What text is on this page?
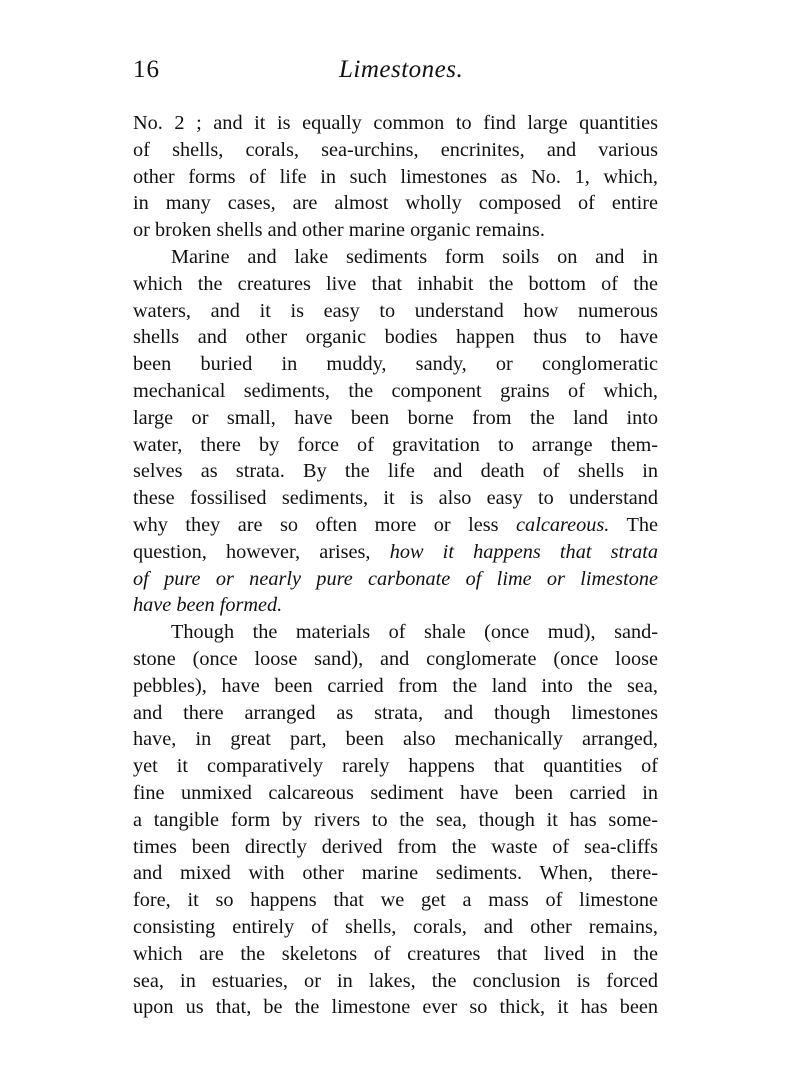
16	Limestones.
No. 2 ; and it is equally common to find large quantities
of shells, corals, sea-urchins, encrinites, and various
other forms of life in such limestones as No. 1, which,
in many cases, are almost wholly composed of entire
or broken shells and other marine organic remains.
Marine and lake sediments form soils on and in
which the creatures live that inhabit the bottom of the
waters, and it is easy to understand how numerous
shells and other organic bodies happen thus to have
been buried in muddy, sandy, or conglomeratic
mechanical sediments, the component grains of which,
large or small, have been borne from the land into
water, there by force of gravitation to arrange them-
selves as strata. By the life and death of shells in
these fossilised sediments, it is also easy to understand
why they are so often more or less calcareous. The
question, however, arises, how it happens that strata
of pure or nearly pure carbonate of lime or limestone
have been formed.
Though the materials of shale (once mud), sand-
stone (once loose sand), and conglomerate (once loose
pebbles), have been carried from the land into the sea,
and there arranged as strata, and though limestones
have, in great part, been also mechanically arranged,
yet it comparatively rarely happens that quantities of
fine unmixed calcareous sediment have been carried in
a tangible form by rivers to the sea, though it has some-
times been directly derived from the waste of sea-cliffs
and mixed with other marine sediments. When, there-
fore, it so happens that we get a mass of limestone
consisting entirely of shells, corals, and other remains,
which are the skeletons of creatures that lived in the
sea, in estuaries, or in lakes, the conclusion is forced
upon us that, be the limestone ever so thick, it has been
